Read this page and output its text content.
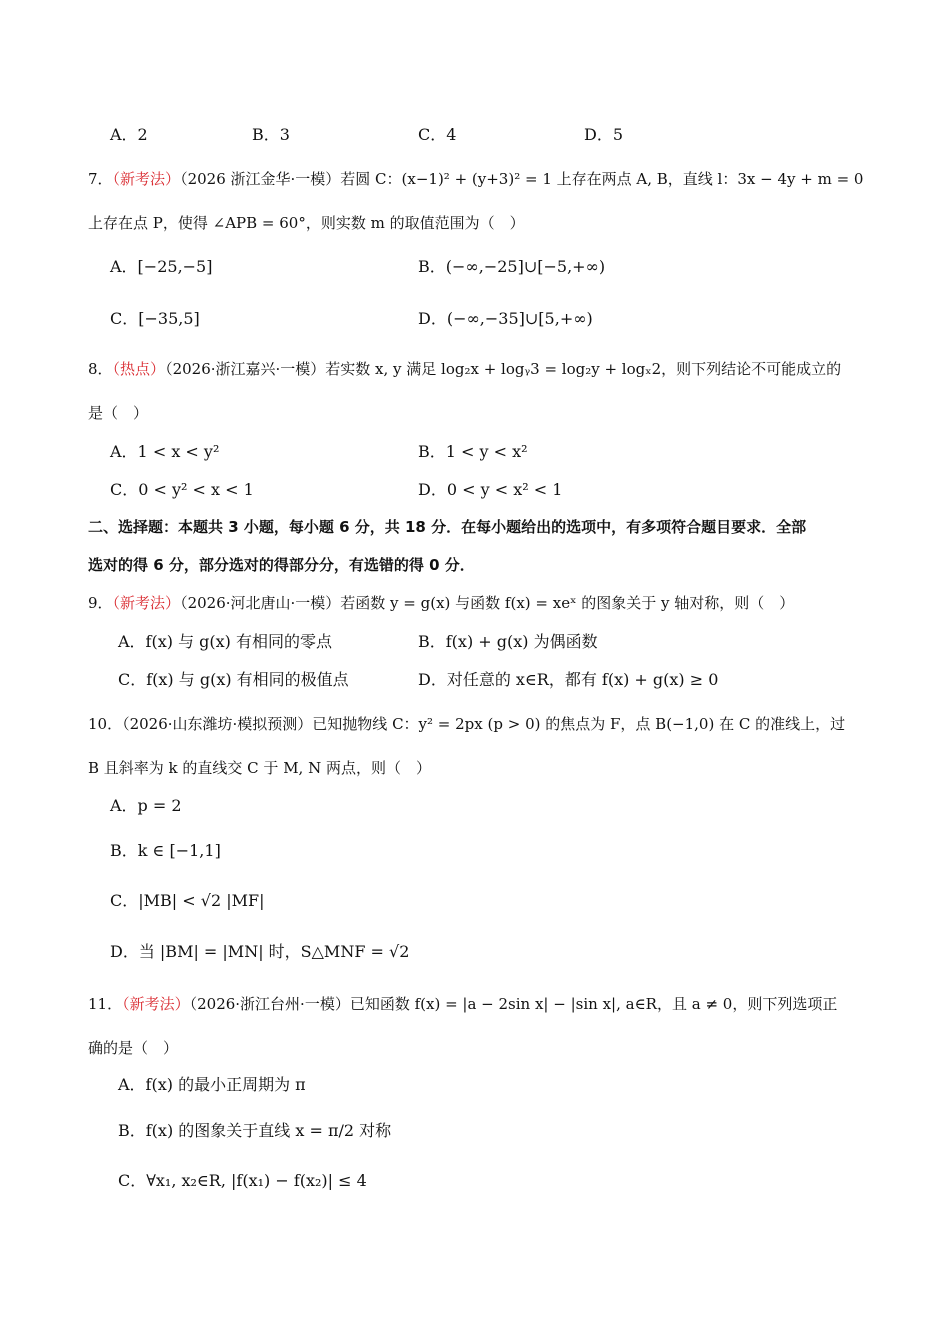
A．2	B．3	C．4	D．5
7．（新考法）（2026 浙江金华·一模）若圆 C：(x−1)² + (y+3)² = 1 上存在两点 A, B，直线 l：3x − 4y + m = 0
上存在点 P，使得 ∠APB = 60°，则实数 m 的取值范围为（　）
A．[−25,−5]	B．(−∞,−25]∪[−5,+∞)
C．[−35,5]	D．(−∞,−35]∪[5,+∞)
8．（热点）（2026·浙江嘉兴·一模）若实数 x, y 满足 log₂x + logᵧ3 = log₂y + logₓ2，则下列结论不可能成立的
是（　）
A．1 < x < y²	B．1 < y < x²
C．0 < y² < x < 1	D．0 < y < x² < 1
二、选择题：本题共 3 小题，每小题 6 分，共 18 分．在每小题给出的选项中，有多项符合题目要求．全部
选对的得 6 分，部分选对的得部分分，有选错的得 0 分．
9．（新考法）（2026·河北唐山·一模）若函数 y = g(x) 与函数 f(x) = xeˣ 的图象关于 y 轴对称，则（　）
A．f(x) 与 g(x) 有相同的零点	B．f(x) + g(x) 为偶函数
C．f(x) 与 g(x) 有相同的极值点	D．对任意的 x∈R，都有 f(x) + g(x) ≥ 0
10．（2026·山东潍坊·模拟预测）已知抛物线 C：y² = 2px (p > 0) 的焦点为 F，点 B(−1,0) 在 C 的准线上，过
B 且斜率为 k 的直线交 C 于 M, N 两点，则（　）
A．p = 2
B．k ∈ [−1,1]
C．|MB| < √2 |MF|
D．当 |BM| = |MN| 时，S△MNF = √2
11．（新考法）（2026·浙江台州·一模）已知函数 f(x) = |a − 2sin x| − |sin x|, a∈R，且 a ≠ 0，则下列选项正
确的是（　）
A．f(x) 的最小正周期为 π
B．f(x) 的图象关于直线 x = π/2 对称
C．∀x₁, x₂∈R, |f(x₁) − f(x₂)| ≤ 4
